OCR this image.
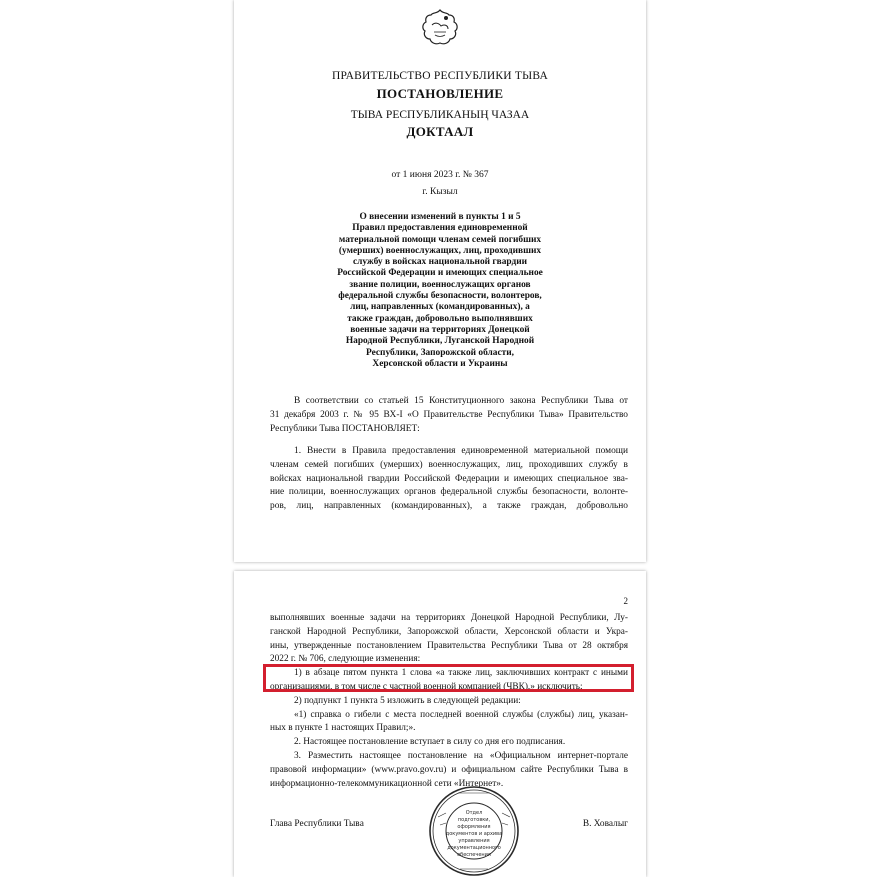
ПРАВИТЕЛЬСТВО РЕСПУБЛИКИ ТЫВА
ПОСТАНОВЛЕНИЕ
ТЫВА РЕСПУБЛИКАНЫҢ ЧАЗАА
ДОКТААЛ
от 1 июня 2023 г. № 367
г. Кызыл
О внесении изменений в пункты 1 и 5
Правил предоставления единовременной
материальной помощи членам семей погибших
(умерших) военнослужащих, лиц, проходивших
службу в войсках национальной гвардии
Российской Федерации и имеющих специальное
звание полиции, военнослужащих органов
федеральной службы безопасности, волонтеров,
лиц, направленных (командированных), а
также граждан, добровольно выполнявших
военные задачи на территориях Донецкой
Народной Республики, Луганской Народной
Республики, Запорожской области,
Херсонской области и Украины
В соответствии со статьей 15 Конституционного закона Республики Тыва от
31 декабря 2003 г. № 95 ВХ-I «О Правительстве Республики Тыва» Правительство
Республики Тыва ПОСТАНОВЛЯЕТ:
1. Внести в Правила предоставления единовременной материальной помощи
членам семей погибших (умерших) военнослужащих, лиц, проходивших службу в
войсках национальной гвардии Российской Федерации и имеющих специальное зва-
ние полиции, военнослужащих органов федеральной службы безопасности, волонте-
ров, лиц, направленных (командированных), а также граждан, добровольно
2
выполнявших военные задачи на территориях Донецкой Народной Республики, Лу-
ганской Народной Республики, Запорожской области, Херсонской области и Укра-
ины, утвержденные постановлением Правительства Республики Тыва от 28 октября
2022 г. № 706, следующие изменения:
1) в абзаце пятом пункта 1 слова «а также лиц, заключивших контракт с иными
организациями, в том числе с частной военной компанией (ЧВК),» исключить;
2) подпункт 1 пункта 5 изложить в следующей редакции:
«1) справка о гибели с места последней военной службы (службы) лиц, указан-
ных в пункте 1 настоящих Правил;».
2. Настоящее постановление вступает в силу со дня его подписания.
3. Разместить настоящее постановление на «Официальном интернет-портале
правовой информации» (www.pravo.gov.ru) и официальном сайте Республики Тыва в
информационно-телекоммуникационной сети «Интернет».
Отдел
подготовки,
оформления
документов и архива
управления
документационного
обеспечения
Глава Республики Тывa	В. Ховалыг
